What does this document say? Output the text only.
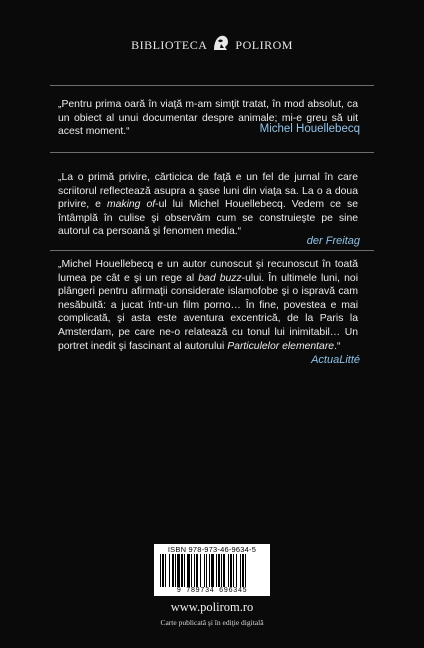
BIBLIOTECA POLIROM
„Pentru prima oară în viaţă m-am simţit tratat, în mod absolut, ca un obiect al unui documentar despre animale; mi-e greu să uit acest moment.“	Michel Houellebecq
„La o primă privire, cărticica de faţă e un fel de jurnal în care scriitorul reflectează asupra a şase luni din viaţa sa. La o a doua privire, e making of-ul lui Michel Houellebecq. Vedem ce se întâmplă în culise şi observăm cum se construieşte pe sine autorul ca persoană şi fenomen media.“
der Freitag
„Michel Houellebecq e un autor cunoscut şi recunoscut în toată lumea pe cât e şi un rege al bad buzz-ului. În ultimele luni, noi plângeri pentru afirmaţii considerate islamofobe şi o ispravă cam nesăbuită: a jucat într-un film porno… În fine, povestea e mai complicată, şi asta este aventura excentrică, de la Paris la Amsterdam, pe care ne-o relatează cu tonul lui inimitabil… Un portret inedit şi fascinant al autorului Particulelor elementare.“
ActuaLitté
ISBN 978-973-46-9634-5
9 789734 696345
www.polirom.ro
Carte publicată şi în ediţie digitală
